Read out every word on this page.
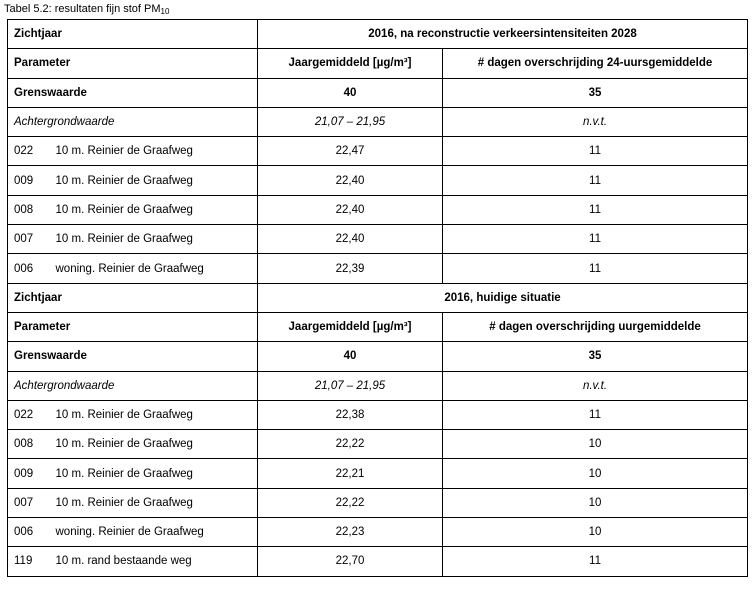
Tabel 5.2: resultaten fijn stof $PM_{10}$
Zichtjaar		2016, na reconstructie verkeersintensiteiten 2028	
Parameter		Jaargemiddeld [µg/m³]	# dagen overschrijding 24-uursgemiddelde
Grenswaarde		40	35
Achtergrondwaarde		21,07 – 21,95	n.v.t.
022	10 m. Reinier de Graafweg	22,47	11
009	10 m. Reinier de Graafweg	22,40	11
008	10 m. Reinier de Graafweg	22,40	11
007	10 m. Reinier de Graafweg	22,40	11
006	woning. Reinier de Graafweg	22,39	11
Zichtjaar		2016, huidige situatie	
Parameter		Jaargemiddeld [µg/m³]	# dagen overschrijding uurgemiddelde
Grenswaarde		40	35
Achtergrondwaarde		21,07 – 21,95	n.v.t.
022	10 m. Reinier de Graafweg	22,38	11
008	10 m. Reinier de Graafweg	22,22	10
009	10 m. Reinier de Graafweg	22,21	10
007	10 m. Reinier de Graafweg	22,22	10
006	woning. Reinier de Graafweg	22,23	10
119	10 m. rand bestaande weg	22,70	11
